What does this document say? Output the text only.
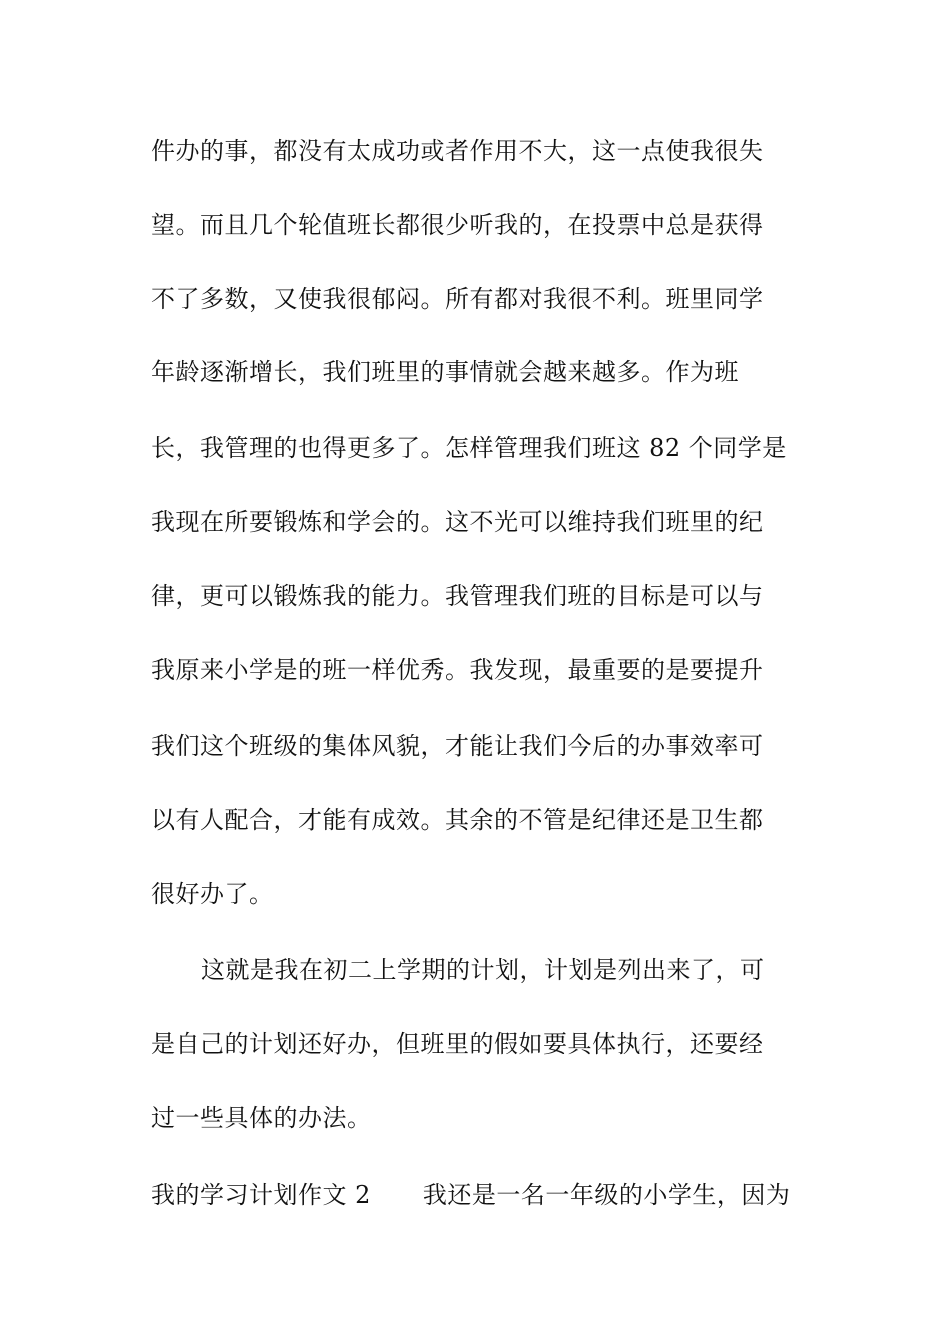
件办的事，都没有太成功或者作用不大，这一点使我很失
望。而且几个轮值班长都很少听我的，在投票中总是获得
不了多数，又使我很郁闷。所有都对我很不利。班里同学
年龄逐渐增长，我们班里的事情就会越来越多。作为班
长，我管理的也得更多了。怎样管理我们班这 82 个同学是
我现在所要锻炼和学会的。这不光可以维持我们班里的纪
律，更可以锻炼我的能力。我管理我们班的目标是可以与
我原来小学是的班一样优秀。我发现，最重要的是要提升
我们这个班级的集体风貌，才能让我们今后的办事效率可
以有人配合，才能有成效。其余的不管是纪律还是卫生都
很好办了。
这就是我在初二上学期的计划，计划是列出来了，可
是自己的计划还好办，但班里的假如要具体执行，还要经
过一些具体的办法。
我的学习计划作文 2 我还是一名一年级的小学生，因为
